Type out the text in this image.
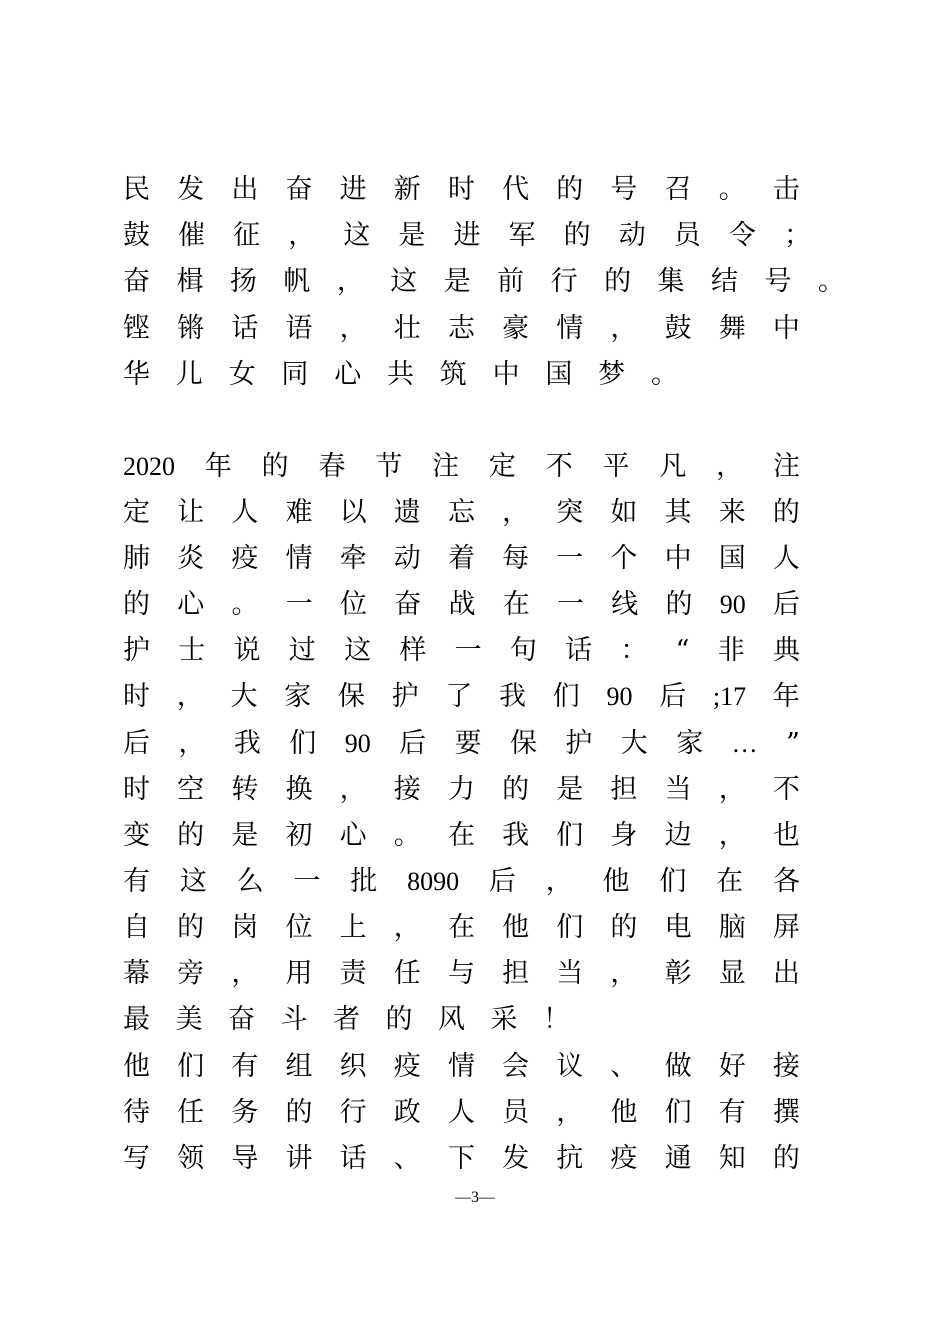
民 发 出 奋 进 新 时 代 的 号 召 。 击
鼓 催 征 ， 这 是 进 军 的 动 员 令 ；
奋 楫 扬 帆 ， 这 是 前 行 的 集 结 号 。
铿 锵 话 语 ， 壮 志 豪 情 ， 鼓 舞 中
华 儿 女 同 心 共 筑 中 国 梦 。
2020 年 的 春 节 注 定 不 平 凡 ， 注
定 让 人 难 以 遗 忘 ， 突 如 其 来 的
肺 炎 疫 情 牵 动 着 每 一 个 中 国 人
的 心 。 一 位 奋 战 在 一 线 的 90 后
护 士 说 过 这 样 一 句 话 ： “ 非 典
时 ， 大 家 保 护 了 我 们 90 后 ;17 年
后 ， 我 们 90 后 要 保 护 大 家 … ”
时 空 转 换 ， 接 力 的 是 担 当 ， 不
变 的 是 初 心 。 在 我 们 身 边 ， 也
有 这 么 一 批 8090 后 ， 他 们 在 各
自 的 岗 位 上 ， 在 他 们 的 电 脑 屏
幕 旁 ， 用 责 任 与 担 当 ， 彰 显 出
最 美 奋 斗 者 的 风 采 ！
他 们 有 组 织 疫 情 会 议 、 做 好 接
待 任 务 的 行 政 人 员 ， 他 们 有 撰
写 领 导 讲 话 、 下 发 抗 疫 通 知 的
—3—
